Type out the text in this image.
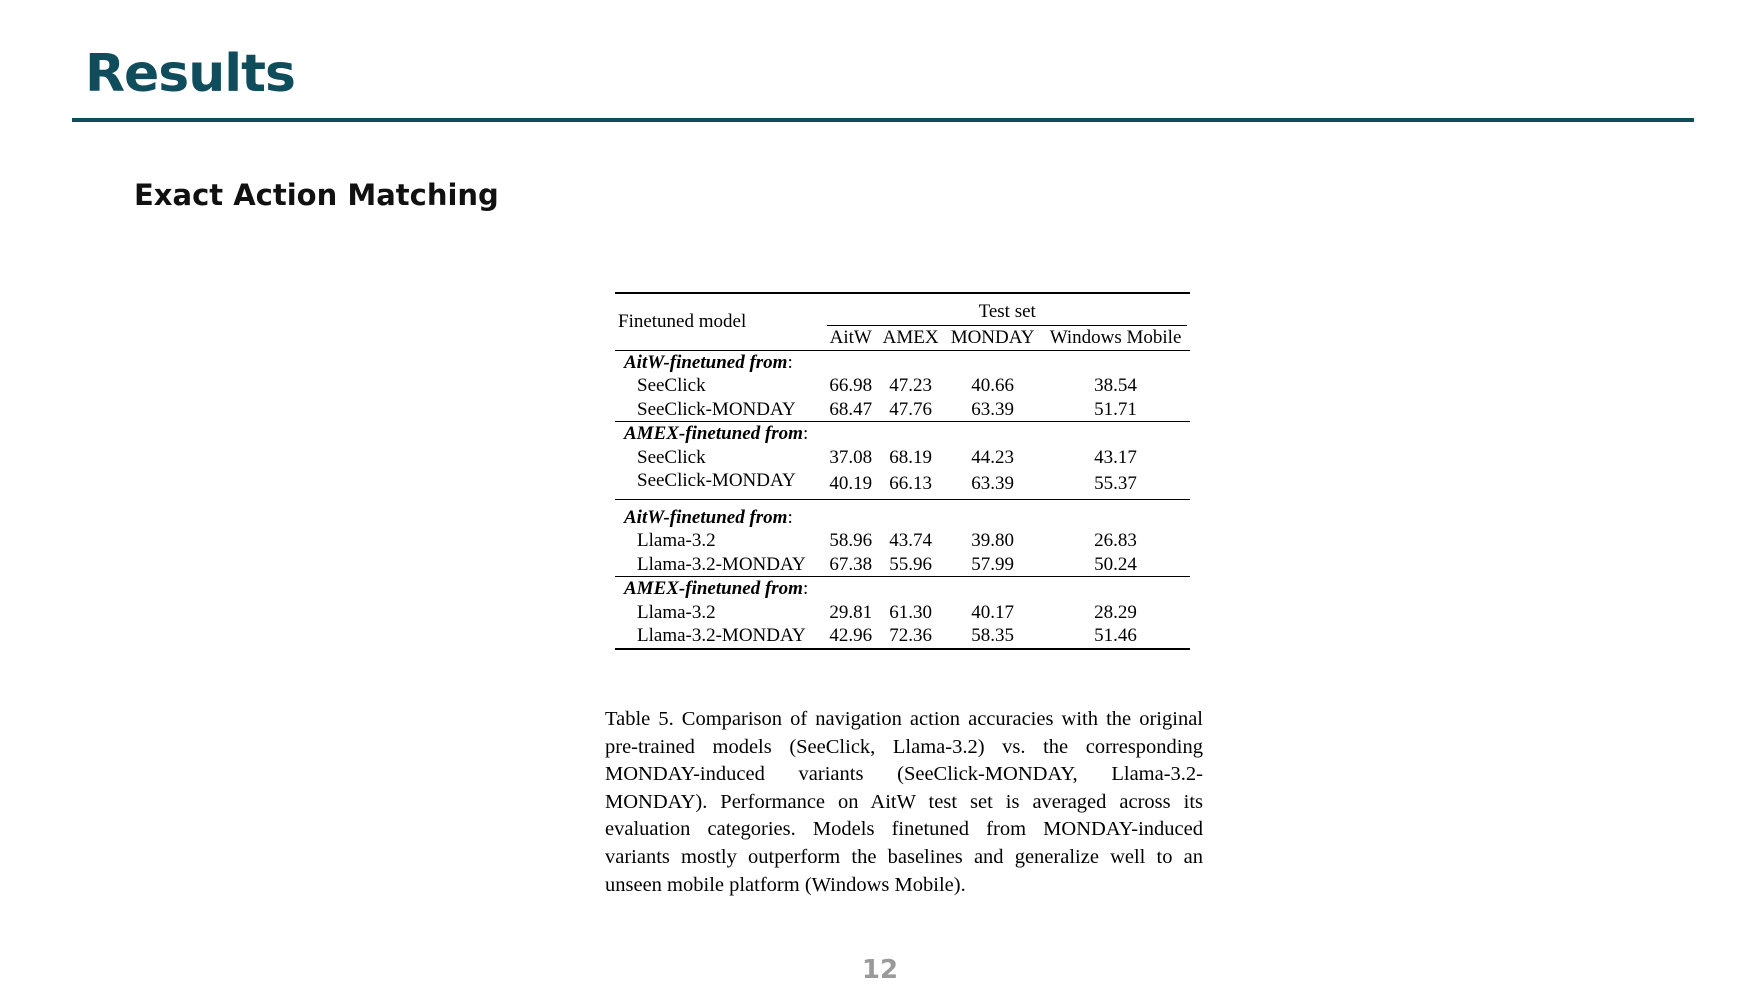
Results
Exact Action Matching
Finetuned model	Test set			

	AitW	AMEX	MONDAY	Windows Mobile
AitW-finetuned from:				
SeeClick	66.98	47.23	40.66	38.54
SeeClick-MONDAY	68.47	47.76	63.39	51.71
AMEX-finetuned from:				
SeeClick	37.08	68.19	44.23	43.17
SeeClick-MONDAY	40.19	66.13	63.39	55.37
AitW-finetuned from:				
Llama-3.2	58.96	43.74	39.80	26.83
Llama-3.2-MONDAY	67.38	55.96	57.99	50.24
AMEX-finetuned from:				
Llama-3.2	29.81	61.30	40.17	28.29
Llama-3.2-MONDAY	42.96	72.36	58.35	51.46

Table 5. Comparison of navigation action accuracies with the original pre-trained models (SeeClick, Llama-3.2) vs. the corresponding MONDAY-induced variants (SeeClick-MONDAY, Llama-3.2-MONDAY). Performance on AitW test set is averaged across its evaluation categories. Models finetuned from MONDAY-induced variants mostly outperform the baselines and generalize well to an unseen mobile platform (Windows Mobile).

12
